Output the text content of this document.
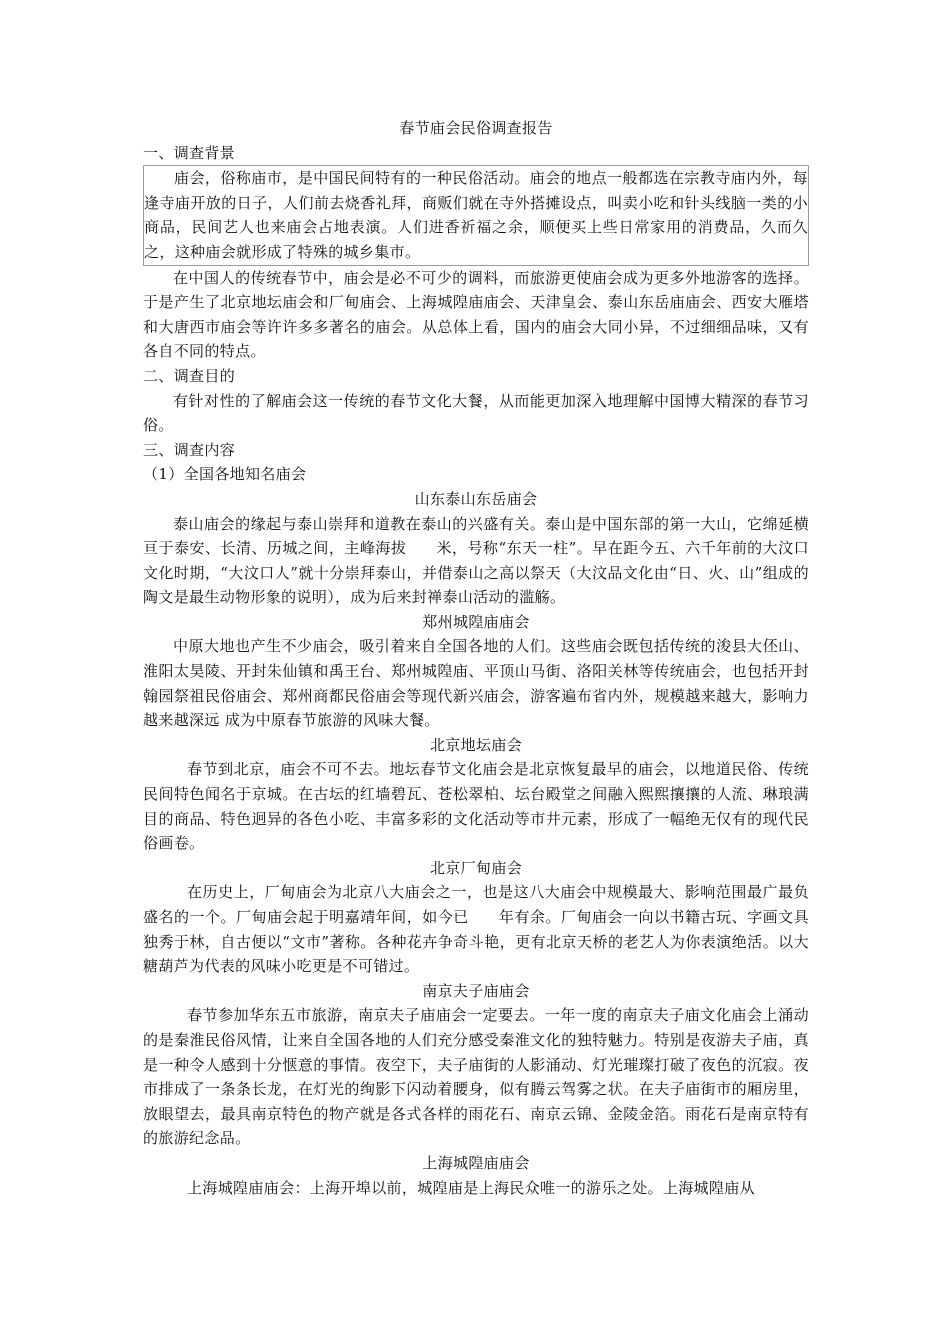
春节庙会民俗调查报告
一、调查背景
庙会，俗称庙市，是中国民间特有的一种民俗活动。庙会的地点一般都选在宗教寺庙内外，每逢寺庙开放的日子，人们前去烧香礼拜，商贩们就在寺外搭摊设点，叫卖小吃和针头线脑一类的小商品，民间艺人也来庙会占地表演。人们进香祈福之余，顺便买上些日常家用的消费品，久而久之，这种庙会就形成了特殊的城乡集市。
在中国人的传统春节中，庙会是必不可少的调料，而旅游更使庙会成为更多外地游客的选择。于是产生了北京地坛庙会和厂甸庙会、上海城隍庙庙会、天津皇会、泰山东岳庙庙会、西安大雁塔和大唐西市庙会等许许多多著名的庙会。从总体上看，国内的庙会大同小异，不过细细品味，又有各自不同的特点。
二、调查目的
有针对性的了解庙会这一传统的春节文化大餐，从而能更加深入地理解中国博大精深的春节习俗。
三、调查内容
（1）全国各地知名庙会
山东泰山东岳庙会
泰山庙会的缘起与泰山崇拜和道教在泰山的兴盛有关。泰山是中国东部的第一大山，它绵延横亘于泰安、长清、历城之间，主峰海拔 米，号称“东天一柱”。早在距今五、六千年前的大汶口文化时期，“大汶口人”就十分崇拜泰山，并借泰山之高以祭天（大汶品文化由“日、火、山”组成的陶文是最生动物形象的说明），成为后来封禅泰山活动的滥觞。
郑州城隍庙庙会
中原大地也产生不少庙会，吸引着来自全国各地的人们。这些庙会既包括传统的浚县大伾山、淮阳太昊陵、开封朱仙镇和禹王台、郑州城隍庙、平顶山马街、洛阳关林等传统庙会，也包括开封翰园祭祖民俗庙会、郑州商都民俗庙会等现代新兴庙会，游客遍布省内外，规模越来越大，影响力越来越深远 成为中原春节旅游的风味大餐。
北京地坛庙会
春节到北京，庙会不可不去。地坛春节文化庙会是北京恢复最早的庙会，以地道民俗、传统民间特色闻名于京城。在古坛的红墙碧瓦、苍松翠柏、坛台殿堂之间融入熙熙攘攘的人流、琳琅满目的商品、特色迥异的各色小吃、丰富多彩的文化活动等市井元素，形成了一幅绝无仅有的现代民俗画卷。
北京厂甸庙会
在历史上，厂甸庙会为北京八大庙会之一，也是这八大庙会中规模最大、影响范围最广最负盛名的一个。厂甸庙会起于明嘉靖年间，如今已 年有余。厂甸庙会一向以书籍古玩、字画文具独秀于林，自古便以“文市”著称。各种花卉争奇斗艳，更有北京天桥的老艺人为你表演绝活。以大糖葫芦为代表的风味小吃更是不可错过。
南京夫子庙庙会
春节参加华东五市旅游，南京夫子庙庙会一定要去。一年一度的南京夫子庙文化庙会上涌动的是秦淮民俗风情，让来自全国各地的人们充分感受秦淮文化的独特魅力。特别是夜游夫子庙，真是一种令人感到十分惬意的事情。夜空下，夫子庙街的人影涌动、灯光璀璨打破了夜色的沉寂。夜市排成了一条条长龙，在灯光的绚影下闪动着腰身，似有腾云驾雾之状。在夫子庙街市的厢房里，放眼望去，最具南京特色的物产就是各式各样的雨花石、南京云锦、金陵金箔。雨花石是南京特有的旅游纪念品。
上海城隍庙庙会
上海城隍庙庙会：上海开埠以前，城隍庙是上海民众唯一的游乐之处。上海城隍庙从
